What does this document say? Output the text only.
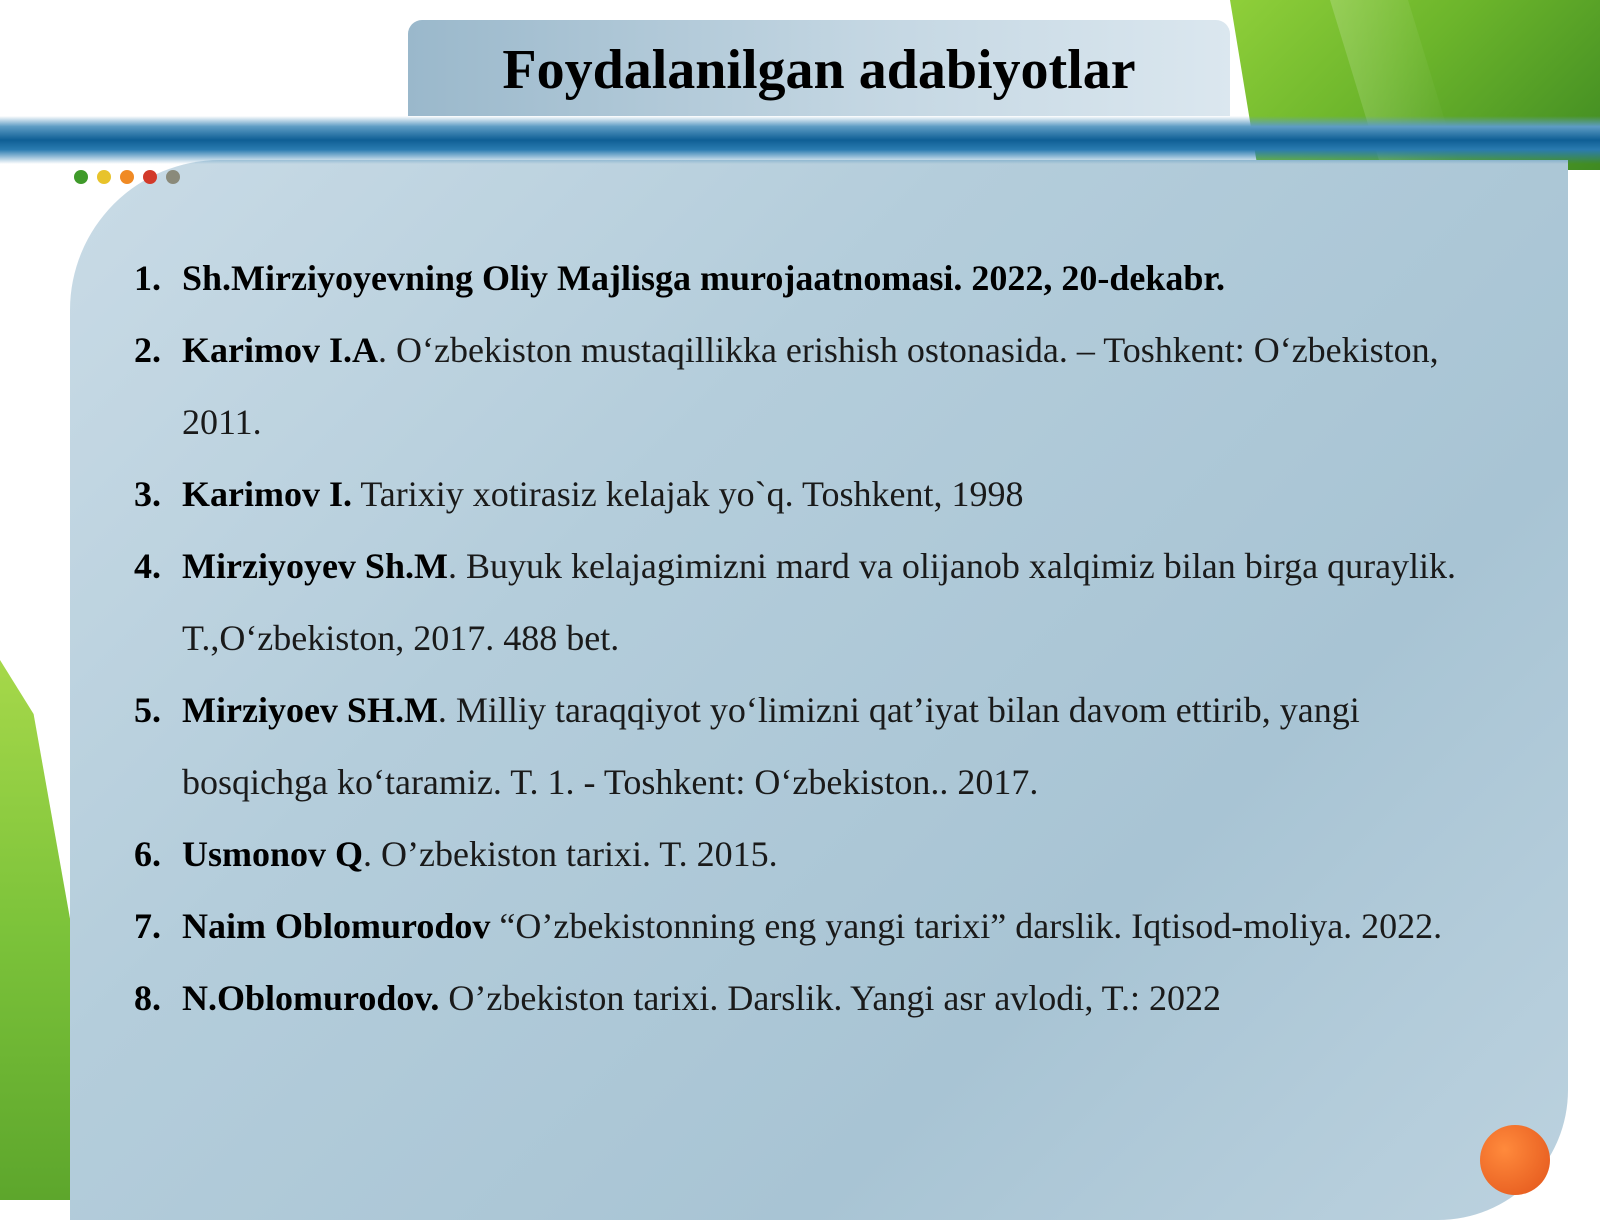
Foydalanilgan adabiyotlar
1. Sh.Mirziyoyevning Oliy Majlisga murojaatnomasi. 2022, 20-dekabr.
2. Karimov I.A. O‘zbekiston mustaqillikka erishish ostonasida. – Toshkent: O‘zbekiston, 2011.
3. Karimov I. Tarixiy xotirasiz kelajak yo`q. Toshkent, 1998
4. Mirziyoyev Sh.M. Buyuk kelajagimizni mard va olijanob xalqimiz bilan birga quraylik. T.,O‘zbekiston, 2017. 488 bet.
5. Mirziyoev SH.M. Milliy taraqqiyot yo‘limizni qat’iyat bilan davom ettirib, yangi bosqichga ko‘taramiz. T. 1. - Toshkent: O‘zbekiston.. 2017.
6. Usmonov Q. O’zbekiston tarixi. T. 2015.
7. Naim Oblomurodov “O’zbekistonning eng yangi tarixi” darslik. Iqtisod-moliya. 2022.
8. N.Oblomurodov. O’zbekiston tarixi. Darslik. Yangi asr avlodi, T.: 2022
